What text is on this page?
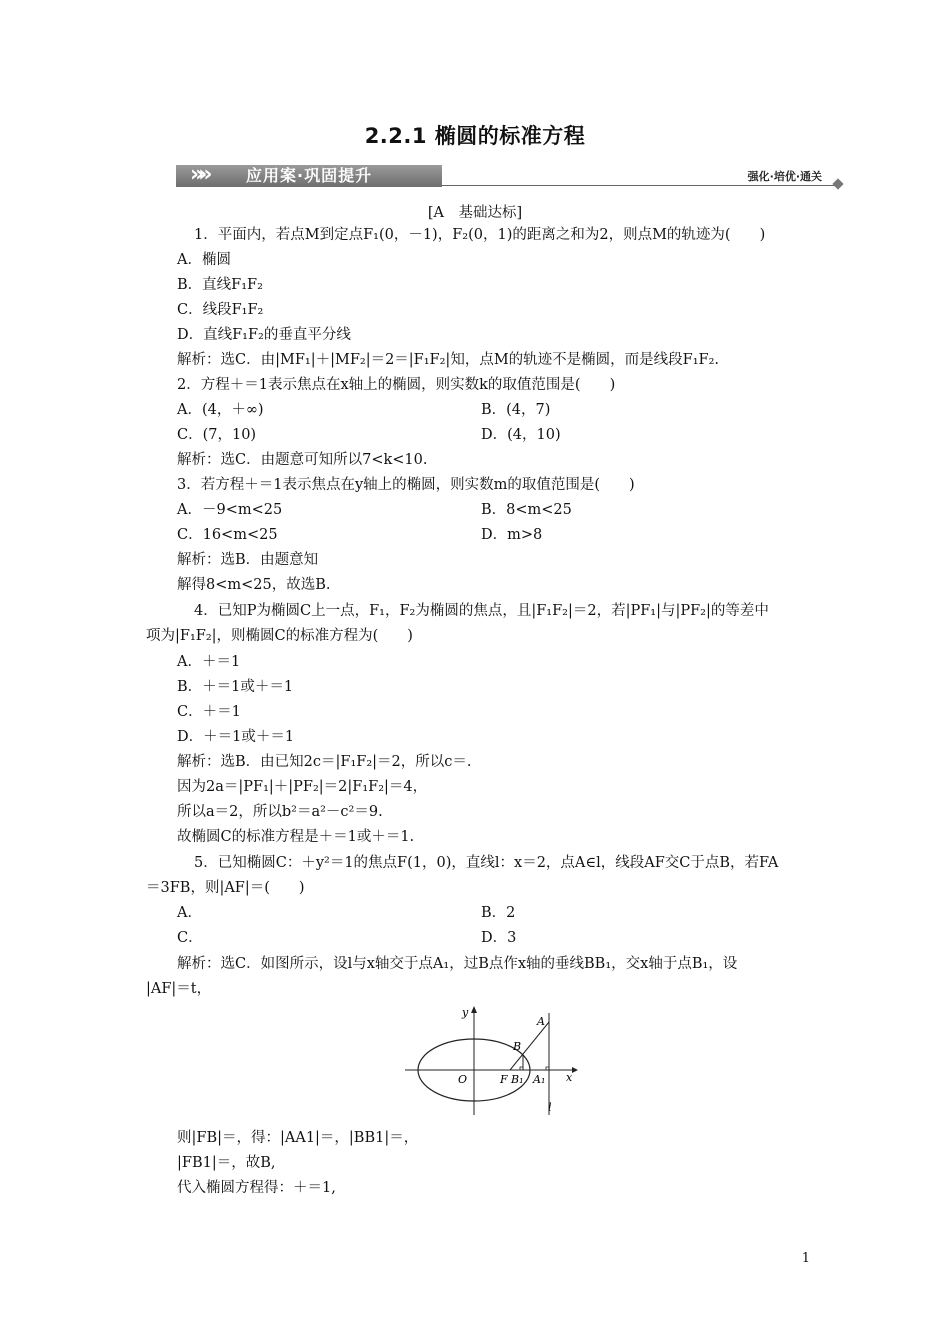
2.2.1 椭圆的标准方程
»» 应用案·巩固提升	强化·培优·通关
[A　基础达标]
1．平面内，若点M到定点F₁(0，－1)，F₂(0，1)的距离之和为2，则点M的轨迹为(　　)
A．椭圆
B．直线F₁F₂
C．线段F₁F₂
D．直线F₁F₂的垂直平分线
解析：选C．由|MF₁|＋|MF₂|＝2＝|F₁F₂|知，点M的轨迹不是椭圆，而是线段F₁F₂.
2．方程＋＝1表示焦点在x轴上的椭圆，则实数k的取值范围是(　　)
A．(4，＋∞)	B．(4，7)
C．(7，10)	D．(4，10)
解析：选C．由题意可知所以7<k<10.
3．若方程＋＝1表示焦点在y轴上的椭圆，则实数m的取值范围是(　　)
A．－9<m<25	B．8<m<25
C．16<m<25	D．m>8
解析：选B．由题意知
解得8<m<25，故选B.
4．已知P为椭圆C上一点，F₁，F₂为椭圆的焦点，且|F₁F₂|＝2，若|PF₁|与|PF₂|的等差中
项为|F₁F₂|，则椭圆C的标准方程为(　　)
A．＋＝1
B．＋＝1或＋＝1
C．＋＝1
D．＋＝1或＋＝1
解析：选B．由已知2c＝|F₁F₂|＝2，所以c＝.
因为2a＝|PF₁|＋|PF₂|＝2|F₁F₂|＝4，
所以a＝2，所以b²＝a²－c²＝9.
故椭圆C的标准方程是＋＝1或＋＝1.
5．已知椭圆C：＋y²＝1的焦点F(1，0)，直线l：x＝2，点A∈l，线段AF交C于点B，若FA
＝3FB，则|AF|＝(　　)
A．	B．2
C．	D．3
解析：选C．如图所示，设l与x轴交于点A₁，过B点作x轴的垂线BB₁，交x轴于点B₁，设
|AF|＝t，
y
x
O
A
B
F B₁ A₁
l
则|FB|＝，得：|AA1|＝，|BB1|＝，
|FB1|＝，故B,
代入椭圆方程得：＋＝1,
1
